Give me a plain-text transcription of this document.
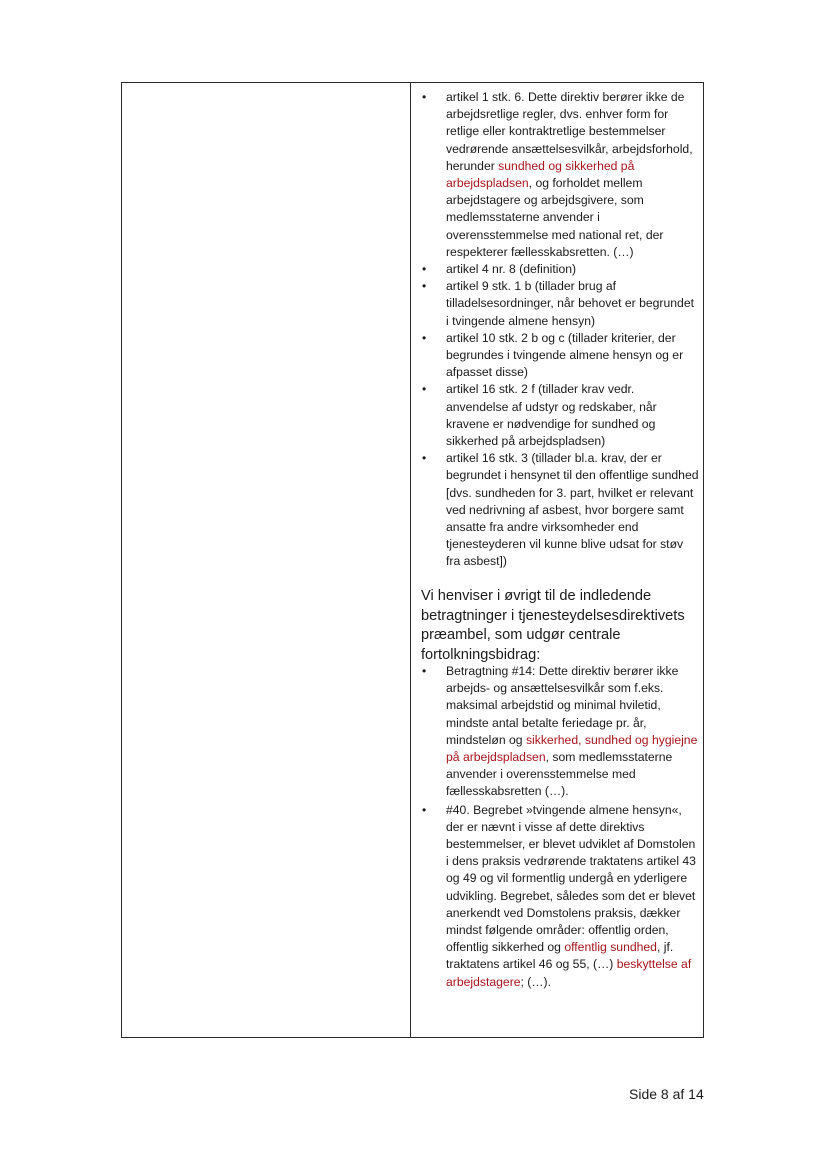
• artikel 1 stk. 6. Dette direktiv berører ikke de arbejdsretlige regler, dvs. enhver form for retlige eller kontraktretlige bestemmelser vedrørende ansættelsesvilkår, arbejdsforhold, herunder sundhed og sikkerhed på arbejdspladsen, og forholdet mellem arbejdstagere og arbejdsgivere, som medlemsstaterne anvender i overensstemmelse med national ret, der respekterer fællesskabsretten. (…)
• artikel 4 nr. 8 (definition)
• artikel 9 stk. 1 b (tillader brug af tilladelsesordninger, når behovet er begrundet i tvingende almene hensyn)
• artikel 10 stk. 2 b og c (tillader kriterier, der begrundes i tvingende almene hensyn og er afpasset disse)
• artikel 16 stk. 2 f (tillader krav vedr. anvendelse af udstyr og redskaber, når kravene er nødvendige for sundhed og sikkerhed på arbejdspladsen)
• artikel 16 stk. 3 (tillader bl.a. krav, der er begrundet i hensynet til den offentlige sundhed [dvs. sundheden for 3. part, hvilket er relevant ved nedrivning af asbest, hvor borgere samt ansatte fra andre virksomheder end tjenesteyderen vil kunne blive udsat for støv fra asbest])
Vi henviser i øvrigt til de indledende betragtninger i tjenesteydelsesdirektivets præambel, som udgør centrale fortolkningsbidrag:
• Betragtning #14: Dette direktiv berører ikke arbejds- og ansættelsesvilkår som f.eks. maksimal arbejdstid og minimal hviletid, mindste antal betalte feriedage pr. år, mindsteløn og sikkerhed, sundhed og hygiejne på arbejdspladsen, som medlemsstaterne anvender i overensstemmelse med fællesskabsretten (…).
• #40. Begrebet »tvingende almene hensyn«, der er nævnt i visse af dette direktivs bestemmelser, er blevet udviklet af Domstolen i dens praksis vedrørende traktatens artikel 43 og 49 og vil formentlig undergå en yderligere udvikling. Begrebet, således som det er blevet anerkendt ved Domstolens praksis, dækker mindst følgende områder: offentlig orden, offentlig sikkerhed og offentlig sundhed, jf. traktatens artikel 46 og 55, (…) beskyttelse af arbejdstagere; (…).
Side 8 af 14
